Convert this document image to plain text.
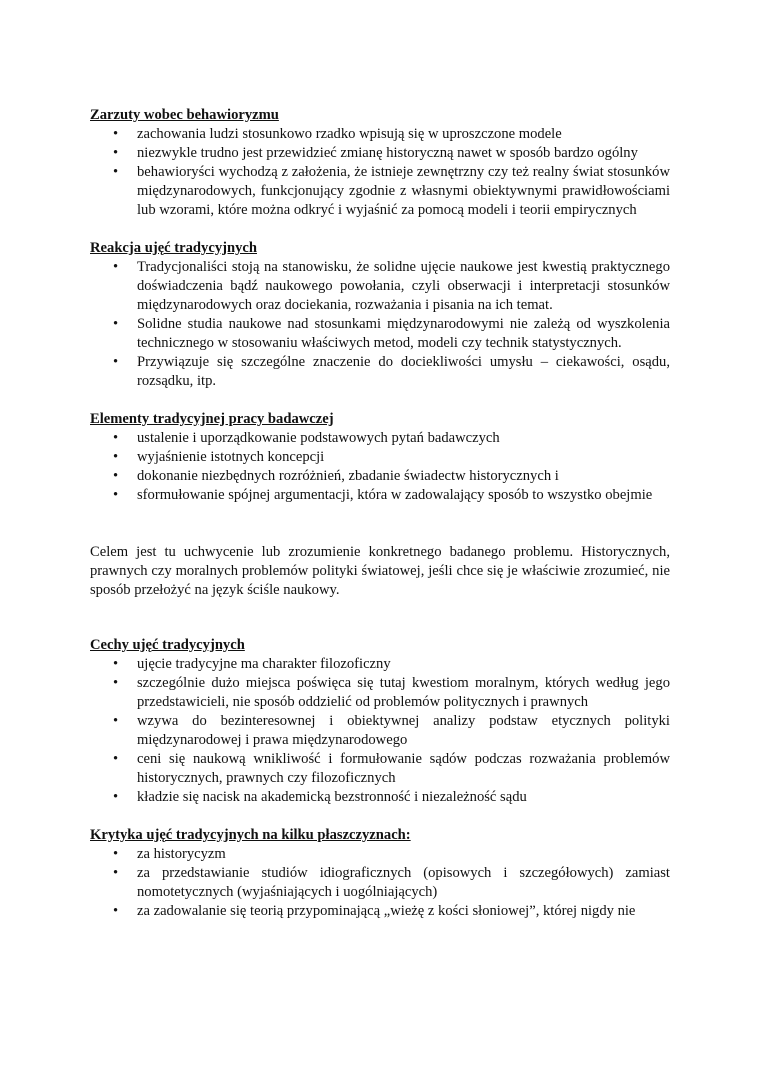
Zarzuty wobec behawioryzmu

• zachowania ludzi stosunkowo rzadko wpisują się w uproszczone modele
• niezwykle trudno jest przewidzieć zmianę historyczną nawet w sposób bardzo ogólny
• behawioryści wychodzą z założenia, że istnieje zewnętrzny czy też realny świat stosunków międzynarodowych, funkcjonujący zgodnie z własnymi obiektywnymi prawidłowościami lub wzorami, które można odkryć i wyjaśnić za pomocą modeli i teorii empirycznych

Reakcja ujęć tradycyjnych

• Tradycjonaliści stoją na stanowisku, że solidne ujęcie naukowe jest kwestią praktycznego doświadczenia bądź naukowego powołania, czyli obserwacji i interpretacji stosunków międzynarodowych oraz dociekania, rozważania i pisania na ich temat.
• Solidne studia naukowe nad stosunkami międzynarodowymi nie zależą od wyszkolenia technicznego w stosowaniu właściwych metod, modeli czy technik statystycznych.
• Przywiązuje się szczególne znaczenie do dociekliwości umysłu – ciekawości, osądu, rozsądku, itp.

Elementy tradycyjnej pracy badawczej

• ustalenie i uporządkowanie podstawowych pytań badawczych
• wyjaśnienie istotnych koncepcji
• dokonanie niezbędnych rozróżnień, zbadanie świadectw historycznych i
• sformułowanie spójnej argumentacji, która w zadowalający sposób to wszystko obejmie

Celem jest tu uchwycenie lub zrozumienie konkretnego badanego problemu. Historycznych, prawnych czy moralnych problemów polityki światowej, jeśli chce się je właściwie zrozumieć, nie sposób przełożyć na język ściśle naukowy.

Cechy ujęć tradycyjnych

• ujęcie tradycyjne ma charakter filozoficzny
• szczególnie dużo miejsca poświęca się tutaj kwestiom moralnym, których według jego przedstawicieli, nie sposób oddzielić od problemów politycznych i prawnych
• wzywa do bezinteresownej i obiektywnej analizy podstaw etycznych polityki międzynarodowej i prawa międzynarodowego
• ceni się naukową wnikliwość i formułowanie sądów podczas rozważania problemów historycznych, prawnych czy filozoficznych
• kładzie się nacisk na akademicką bezstronność i niezależność sądu

Krytyka ujęć tradycyjnych na kilku płaszczyznach:

• za historycyzm
• za przedstawianie studiów idiograficznych (opisowych i szczegółowych) zamiast nomotetycznych (wyjaśniających i uogólniających)
• za zadowalanie się teorią przypominającą „wieżę z kości słoniowej”, której nigdy nie
